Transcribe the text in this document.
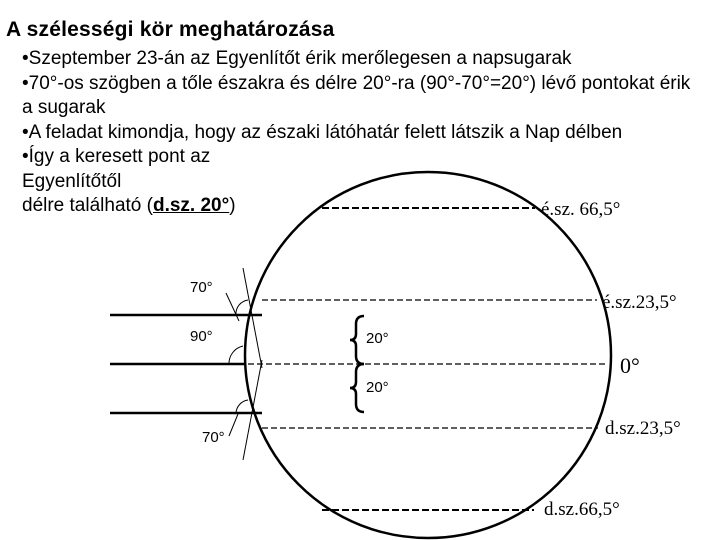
A szélességi kör meghatározása

•Szeptember 23-án az Egyenlítőt érik merőlegesen a napsugarak

•70°-os szögben a tőle északra és délre 20°-ra (90°-70°=20°) lévő pontokat érik a sugarak

•A feladat kimondja, hogy az északi látóhatár felett látszik a Nap délben

•Így a keresett pont az

Egyenlítőtől

délre található (d.sz. 20°)

70°
90°
70°
20°
20°
é.sz. 66,5°
é.sz.23,5°
0°
d.sz.23,5°
d.sz.66,5°
